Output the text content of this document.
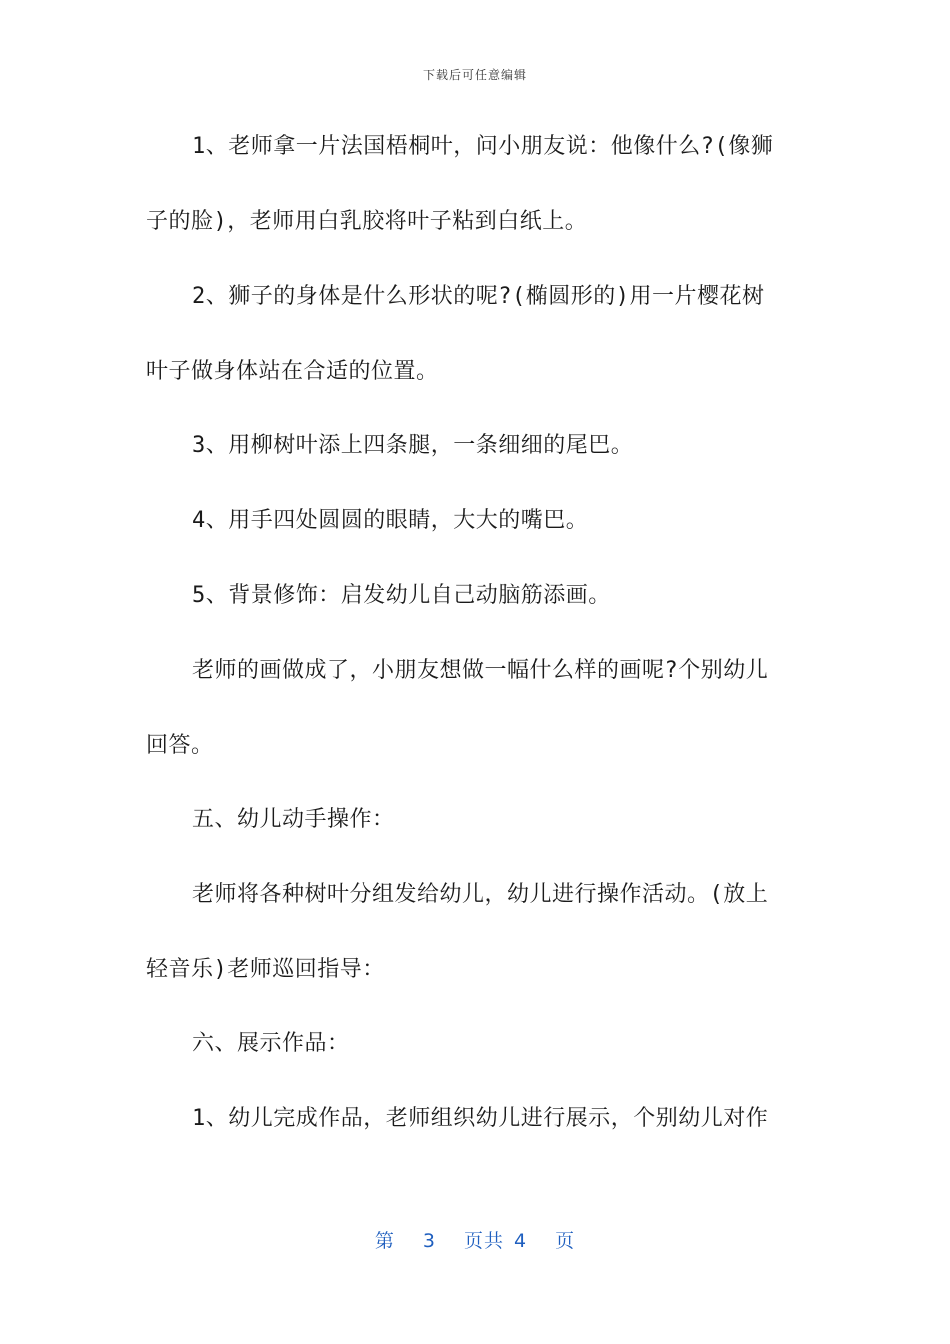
下载后可任意编辑
1、老师拿一片法国梧桐叶，问小朋友说：他像什么?(像狮
子的脸)，老师用白乳胶将叶子粘到白纸上。
2、狮子的身体是什么形状的呢?(椭圆形的)用一片樱花树
叶子做身体站在合适的位置。
3、用柳树叶添上四条腿，一条细细的尾巴。
4、用手四处圆圆的眼睛，大大的嘴巴。
5、背景修饰：启发幼儿自己动脑筋添画。
老师的画做成了，小朋友想做一幅什么样的画呢?个别幼儿
回答。
五、幼儿动手操作：
老师将各种树叶分组发给幼儿，幼儿进行操作活动。(放上
轻音乐)老师巡回指导：
六、展示作品：
1、幼儿完成作品，老师组织幼儿进行展示，个别幼儿对作
第 3 页共 4 页
